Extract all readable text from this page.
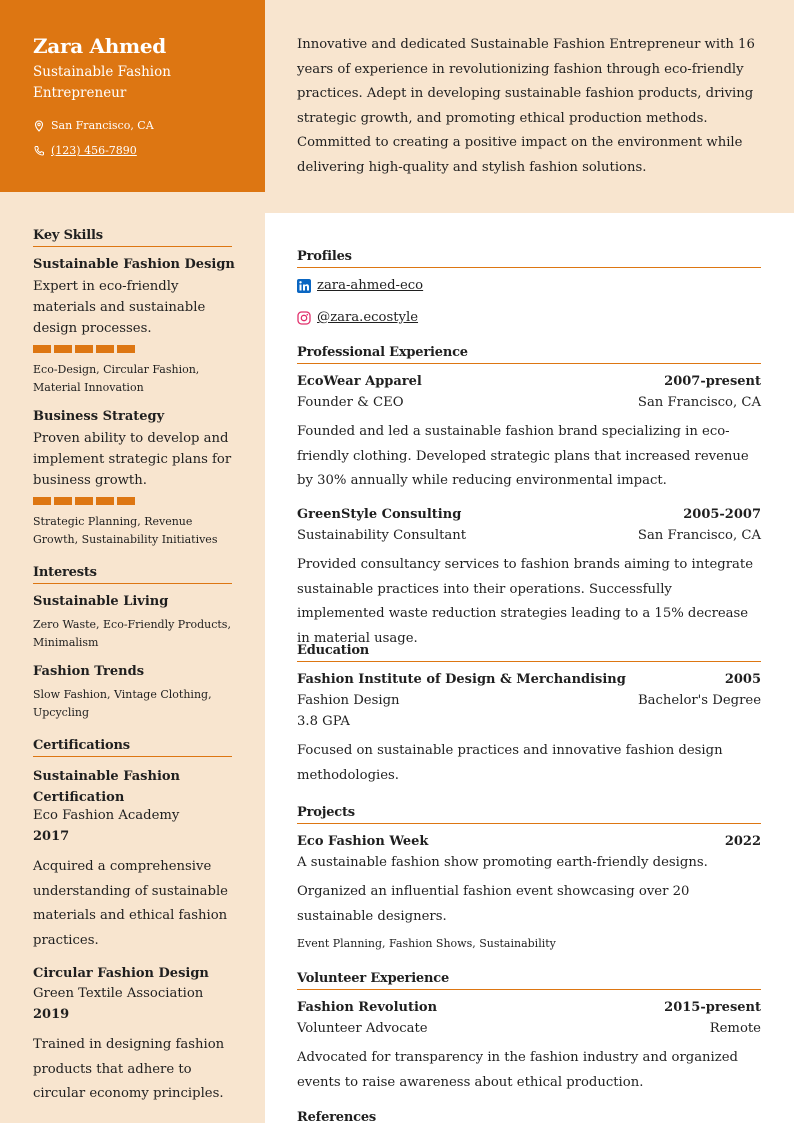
Zara Ahmed
Sustainable Fashion Entrepreneur
San Francisco, CA
(123) 456-7890
Innovative and dedicated Sustainable Fashion Entrepreneur with 16 years of experience in revolutionizing fashion through eco-friendly practices. Adept in developing sustainable fashion products, driving strategic growth, and promoting ethical production methods. Committed to creating a positive impact on the environment while delivering high-quality and stylish fashion solutions.
Key Skills
Sustainable Fashion Design
Expert in eco-friendly materials and sustainable design processes.
Eco-Design, Circular Fashion, Material Innovation
Business Strategy
Proven ability to develop and implement strategic plans for business growth.
Strategic Planning, Revenue Growth, Sustainability Initiatives
Interests
Sustainable Living
Zero Waste, Eco-Friendly Products, Minimalism
Fashion Trends
Slow Fashion, Vintage Clothing, Upcycling
Certifications
Sustainable Fashion Certification
Eco Fashion Academy
2017
Acquired a comprehensive understanding of sustainable materials and ethical fashion practices.
Circular Fashion Design
Green Textile Association
2019
Trained in designing fashion products that adhere to circular economy principles.
Profiles
zara-ahmed-eco
@zara.ecostyle
Professional Experience
EcoWear Apparel	2007-present
Founder & CEO	San Francisco, CA
Founded and led a sustainable fashion brand specializing in eco-friendly clothing. Developed strategic plans that increased revenue by 30% annually while reducing environmental impact.
GreenStyle Consulting	2005-2007
Sustainability Consultant	San Francisco, CA
Provided consultancy services to fashion brands aiming to integrate sustainable practices into their operations. Successfully implemented waste reduction strategies leading to a 15% decrease in material usage.
Education
Fashion Institute of Design & Merchandising	2005
Fashion Design	Bachelor's Degree
3.8 GPA
Focused on sustainable practices and innovative fashion design methodologies.
Projects
Eco Fashion Week	2022
A sustainable fashion show promoting earth-friendly designs.
Organized an influential fashion event showcasing over 20 sustainable designers.
Event Planning, Fashion Shows, Sustainability
Volunteer Experience
Fashion Revolution	2015-present
Volunteer Advocate	Remote
Advocated for transparency in the fashion industry and organized events to raise awareness about ethical production.
References
